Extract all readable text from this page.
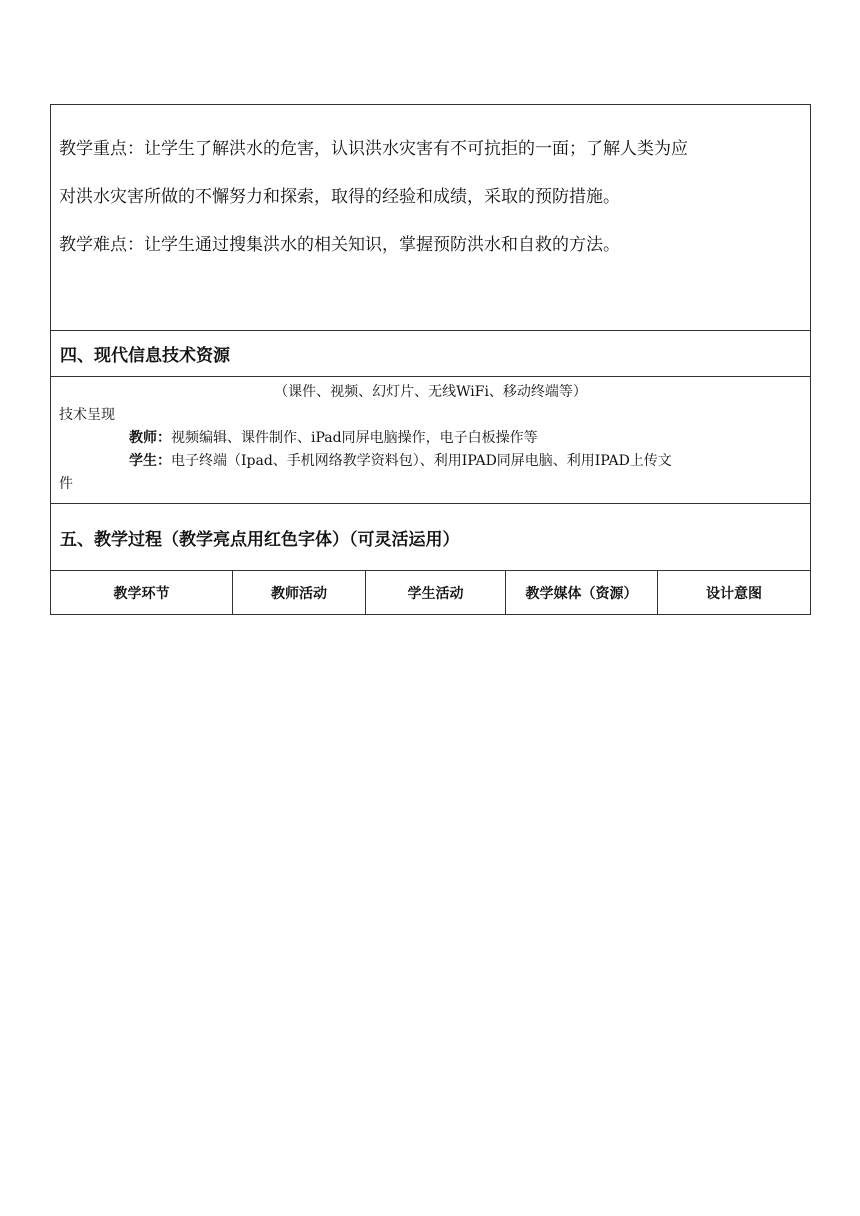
教学重点：让学生了解洪水的危害，认识洪水灾害有不可抗拒的一面；了解人类为应

对洪水灾害所做的不懈努力和探索，取得的经验和成绩，采取的预防措施。

教学难点：让学生通过搜集洪水的相关知识，掌握预防洪水和自救的方法。

四、现代信息技术资源

（课件、视频、幻灯片、无线WiFi、移动终端等）
技术呈现
教师：视频编辑、课件制作、iPad同屏电脑操作，电子白板操作等
学生：电子终端（Ipad、手机网络教学资料包）、利用IPAD同屏电脑、利用IPAD上传文
件

五、教学过程（教学亮点用红色字体）（可灵活运用）
教学环节	教师活动	学生活动	教学媒体（资源）	设计意图
